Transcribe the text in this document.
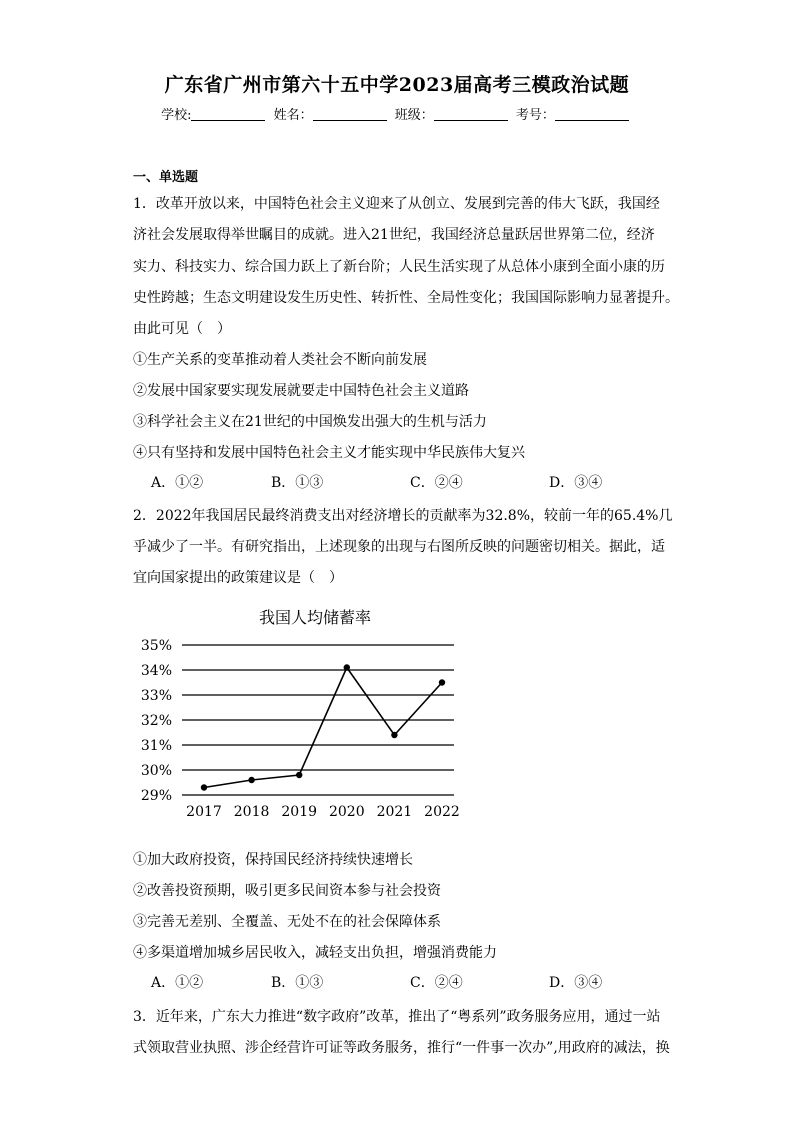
广东省广州市第六十五中学2023届高考三模政治试题
学校:	姓名：	班级：	考号：
一、单选题
1．改革开放以来，中国特色社会主义迎来了从创立、发展到完善的伟大飞跃，我国经
济社会发展取得举世瞩目的成就。进入21世纪，我国经济总量跃居世界第二位，经济
实力、科技实力、综合国力跃上了新台阶；人民生活实现了从总体小康到全面小康的历
史性跨越；生态文明建设发生历史性、转折性、全局性变化；我国国际影响力显著提升。
由此可见（　）
①生产关系的变革推动着人类社会不断向前发展
②发展中国家要实现发展就要走中国特色社会主义道路
③科学社会主义在21世纪的中国焕发出强大的生机与活力
④只有坚持和发展中国特色社会主义才能实现中华民族伟大复兴
A．①②	B．①③	C．②④	D．③④
2．2022年我国居民最终消费支出对经济增长的贡献率为32.8%，较前一年的65.4%几
乎减少了一半。有研究指出，上述现象的出现与右图所反映的问题密切相关。据此，适
宜向国家提出的政策建议是（　）
我国人均储蓄率
29%
30%
31%
32%
33%
34%
35%
2017 2018 2019 2020 2021 2022
①加大政府投资，保持国民经济持续快速增长
②改善投资预期，吸引更多民间资本参与社会投资
③完善无差别、全覆盖、无处不在的社会保障体系
④多渠道增加城乡居民收入，减轻支出负担，增强消费能力
A．①②	B．①③	C．②④	D．③④
3．近年来，广东大力推进“数字政府”改革，推出了“粤系列”政务服务应用，通过一站
式领取营业执照、涉企经营许可证等政务服务，推行“一件事一次办”,用政府的减法，换
